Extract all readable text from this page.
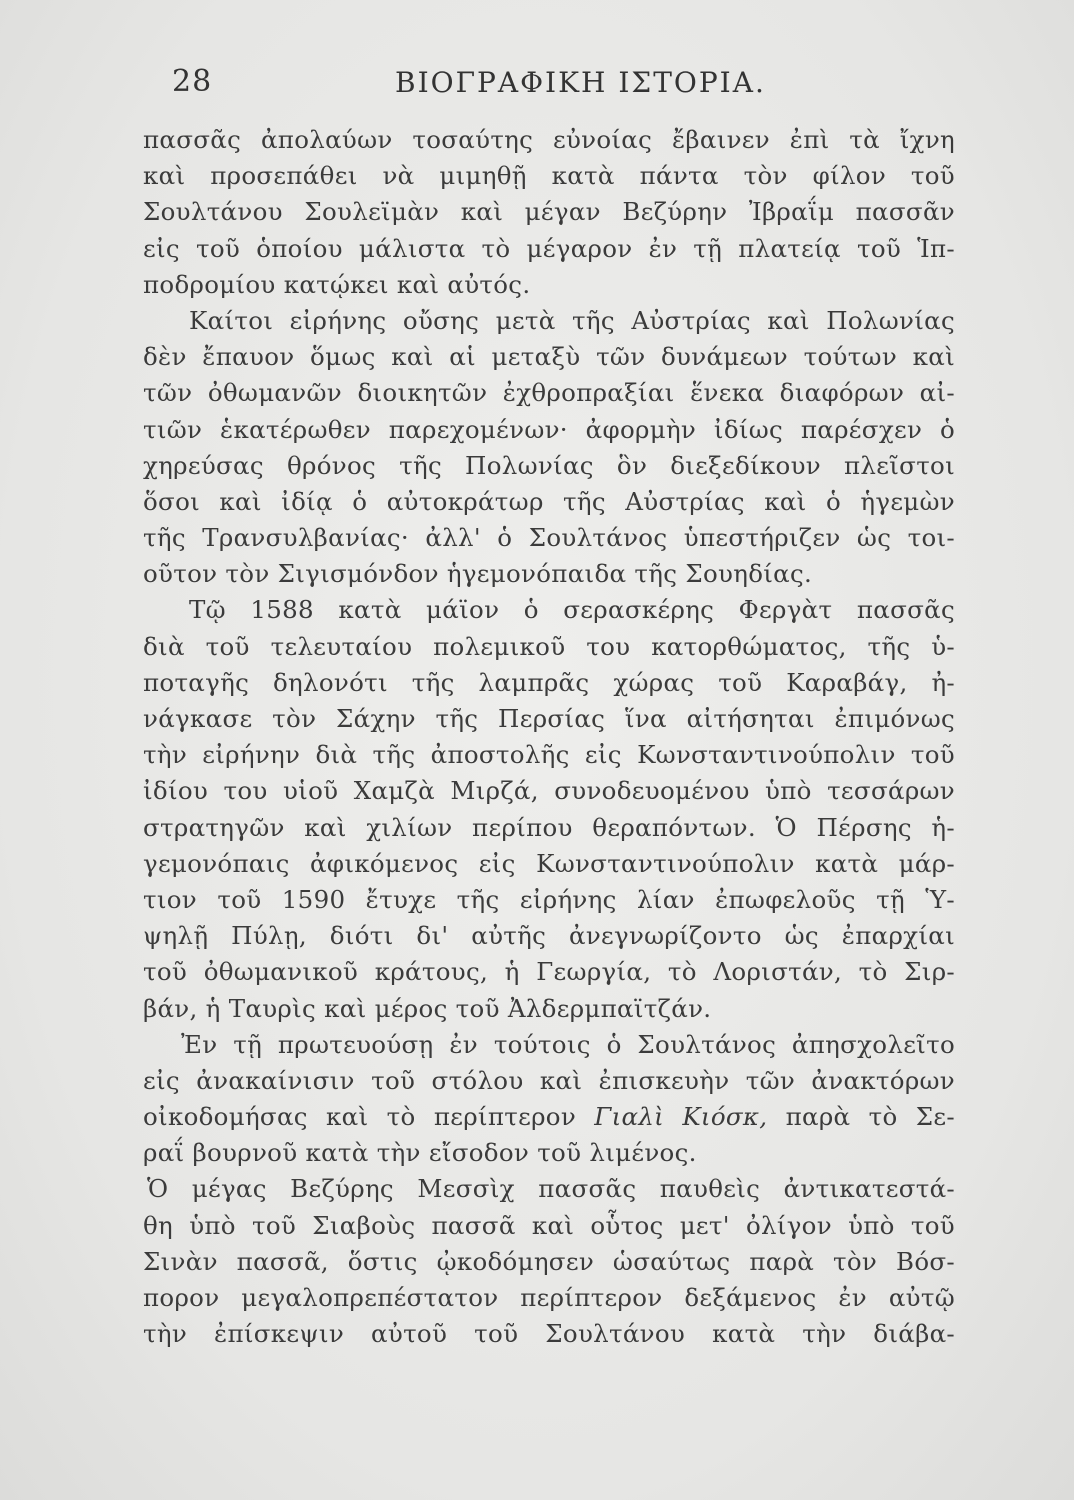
28	ΒΙΟΓΡΑΦΙΚΗ ΙΣΤΟΡΙΑ.
πασσᾶς ἀπολαύων τοσαύτης εὐνοίας ἔβαινεν ἐπὶ τὰ ἴχνη
καὶ προσεπάθει νὰ μιμηθῇ κατὰ πάντα τὸν φίλον τοῦ
Σουλτάνου Σουλεϊμὰν καὶ μέγαν Βεζύρην Ἰβραΐμ πασσᾶν
εἰς τοῦ ὁποίου μάλιστα τὸ μέγαρον ἐν τῇ πλατείᾳ τοῦ Ἱπ-
ποδρομίου κατῴκει καὶ αὐτός.
Καίτοι εἰρήνης οὔσης μετὰ τῆς Αὐστρίας καὶ Πολωνίας
δὲν ἔπαυον ὅμως καὶ αἱ μεταξὺ τῶν δυνάμεων τούτων καὶ
τῶν ὀθωμανῶν διοικητῶν ἐχθροπραξίαι ἕνεκα διαφόρων αἰ-
τιῶν ἑκατέρωθεν παρεχομένων· ἀφορμὴν ἰδίως παρέσχεν ὁ
χηρεύσας θρόνος τῆς Πολωνίας ὃν διεξεδίκουν πλεῖστοι
ὅσοι καὶ ἰδίᾳ ὁ αὐτοκράτωρ τῆς Αὐστρίας καὶ ὁ ἡγεμὼν
τῆς Τρανσυλβανίας· ἀλλ' ὁ Σουλτάνος ὑπεστήριζεν ὡς τοι-
οῦτον τὸν Σιγισμόνδον ἡγεμονόπαιδα τῆς Σουηδίας.
Τῷ 1588 κατὰ μάϊον ὁ σερασκέρης Φεργὰτ πασσᾶς
διὰ τοῦ τελευταίου πολεμικοῦ του κατορθώματος, τῆς ὑ-
ποταγῆς δηλονότι τῆς λαμπρᾶς χώρας τοῦ Καραβάγ, ἠ-
νάγκασε τὸν Σάχην τῆς Περσίας ἵνα αἰτήσηται ἐπιμόνως
τὴν εἰρήνην διὰ τῆς ἀποστολῆς εἰς Κωνσταντινούπολιν τοῦ
ἰδίου του υἱοῦ Χαμζὰ Μιρζά, συνοδευομένου ὑπὸ τεσσάρων
στρατηγῶν καὶ χιλίων περίπου θεραπόντων. Ὁ Πέρσης ἡ-
γεμονόπαις ἀφικόμενος εἰς Κωνσταντινούπολιν κατὰ μάρ-
τιον τοῦ 1590 ἔτυχε τῆς εἰρήνης λίαν ἐπωφελοῦς τῇ Ὑ-
ψηλῇ Πύλῃ, διότι δι' αὐτῆς ἀνεγνωρίζοντο ὡς ἐπαρχίαι
τοῦ ὀθωμανικοῦ κράτους, ἡ Γεωργία, τὸ Λοριστάν, τὸ Σιρ-
βάν, ἡ Ταυρὶς καὶ μέρος τοῦ Ἀλδερμπαϊτζάν.
Ἐν τῇ πρωτευούσῃ ἐν τούτοις ὁ Σουλτάνος ἀπησχολεῖτο
εἰς ἀνακαίνισιν τοῦ στόλου καὶ ἐπισκευὴν τῶν ἀνακτόρων
οἰκοδομήσας καὶ τὸ περίπτερον Γιαλὶ Κιόσκ, παρὰ τὸ Σε-
ραΐ βουρνοῦ κατὰ τὴν εἴσοδον τοῦ λιμένος.
Ὁ μέγας Βεζύρης Μεσσὶχ πασσᾶς παυθεὶς ἀντικατεστά-
θη ὑπὸ τοῦ Σιαβοὺς πασσᾶ καὶ οὗτος μετ' ὀλίγον ὑπὸ τοῦ
Σινὰν πασσᾶ, ὅστις ᾠκοδόμησεν ὡσαύτως παρὰ τὸν Βόσ-
πορον μεγαλοπρεπέστατον περίπτερον δεξάμενος ἐν αὐτῷ
τὴν ἐπίσκεψιν αὐτοῦ τοῦ Σουλτάνου κατὰ τὴν διάβα-
